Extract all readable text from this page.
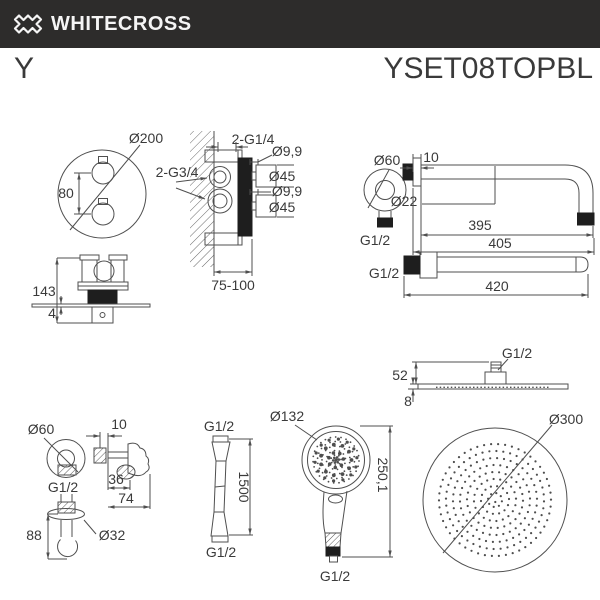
WHITECROSS
Y	YSET08TOPBL
80
Ø200	2-G1/4
2-G3/4
Ø9,9
Ø45
Ø9,9
Ø45
75-100
143
4
Ø60
G1/2
10
Ø22
395
405
G1/2
420
G1/2
52
8
Ø60
G1/2
88	Ø32
10
36
74
G1/2
G1/2
1500
Ø132
250,1
G1/2
Ø300
